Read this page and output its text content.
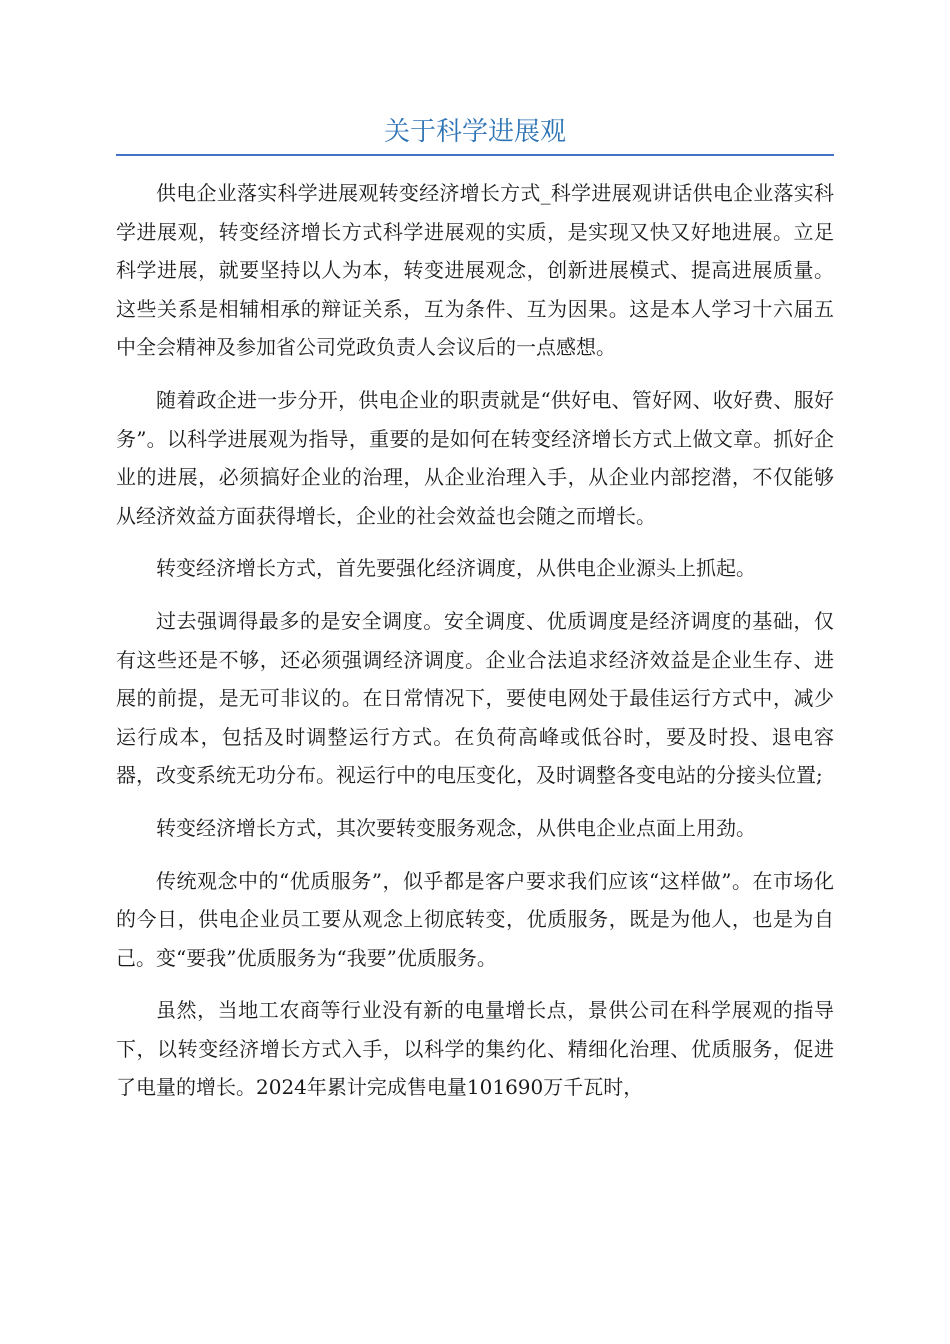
关于科学进展观

供电企业落实科学进展观转变经济增长方式_科学进展观讲话供电企业落实科学进展观，转变经济增长方式科学进展观的实质，是实现又快又好地进展。立足科学进展，就要坚持以人为本，转变进展观念，创新进展模式、提高进展质量。这些关系是相辅相承的辩证关系，互为条件、互为因果。这是本人学习十六届五中全会精神及参加省公司党政负责人会议后的一点感想。

随着政企进一步分开，供电企业的职责就是“供好电、管好网、收好费、服好务”。以科学进展观为指导，重要的是如何在转变经济增长方式上做文章。抓好企业的进展，必须搞好企业的治理，从企业治理入手，从企业内部挖潜，不仅能够从经济效益方面获得增长，企业的社会效益也会随之而增长。

转变经济增长方式，首先要强化经济调度，从供电企业源头上抓起。

过去强调得最多的是安全调度。安全调度、优质调度是经济调度的基础，仅有这些还是不够，还必须强调经济调度。企业合法追求经济效益是企业生存、进展的前提，是无可非议的。在日常情况下，要使电网处于最佳运行方式中，减少运行成本，包括及时调整运行方式。在负荷高峰或低谷时，要及时投、退电容器，改变系统无功分布。视运行中的电压变化，及时调整各变电站的分接头位置;

转变经济增长方式，其次要转变服务观念，从供电企业点面上用劲。

传统观念中的“优质服务”，似乎都是客户要求我们应该“这样做”。在市场化的今日，供电企业员工要从观念上彻底转变，优质服务，既是为他人，也是为自己。变“要我”优质服务为“我要”优质服务。

虽然，当地工农商等行业没有新的电量增长点，景供公司在科学展观的指导下，以转变经济增长方式入手，以科学的集约化、精细化治理、优质服务，促进了电量的增长。2024年累计完成售电量101690万千瓦时，
